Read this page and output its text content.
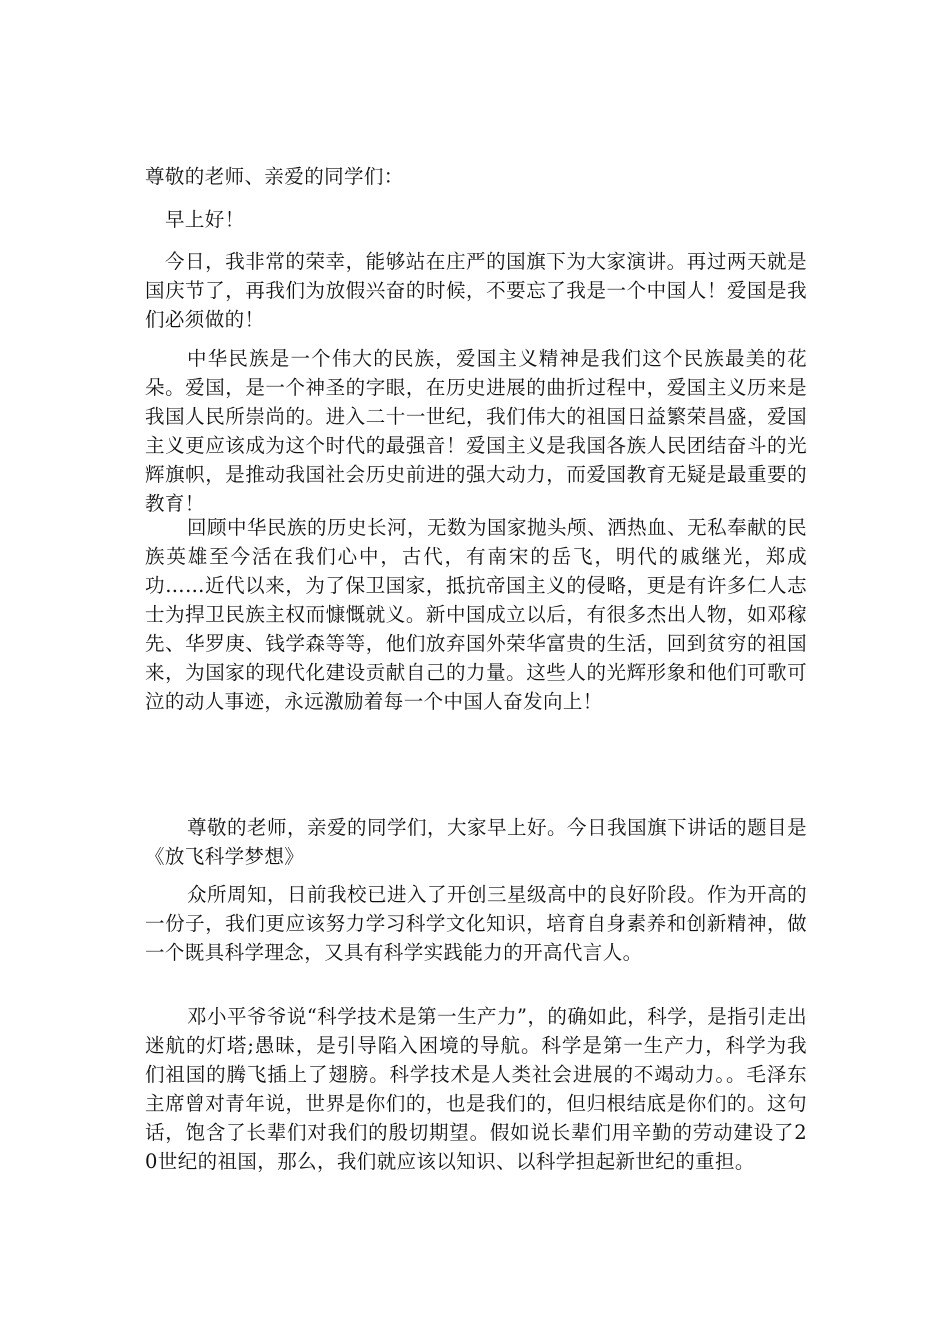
尊敬的老师、亲爱的同学们：

早上好！

今日，我非常的荣幸，能够站在庄严的国旗下为大家演讲。再过两天就是国庆节了，再我们为放假兴奋的时候，不要忘了我是一个中国人！爱国是我们必须做的！

中华民族是一个伟大的民族，爱国主义精神是我们这个民族最美的花朵。爱国，是一个神圣的字眼，在历史进展的曲折过程中，爱国主义历来是我国人民所崇尚的。进入二十一世纪，我们伟大的祖国日益繁荣昌盛，爱国主义更应该成为这个时代的最强音！爱国主义是我国各族人民团结奋斗的光辉旗帜，是推动我国社会历史前进的强大动力，而爱国教育无疑是最重要的教育！

回顾中华民族的历史长河，无数为国家抛头颅、洒热血、无私奉献的民族英雄至今活在我们心中，古代，有南宋的岳飞，明代的戚继光，郑成功……近代以来，为了保卫国家，抵抗帝国主义的侵略，更是有许多仁人志士为捍卫民族主权而慷慨就义。新中国成立以后，有很多杰出人物，如邓稼先、华罗庚、钱学森等等，他们放弃国外荣华富贵的生活，回到贫穷的祖国来，为国家的现代化建设贡献自己的力量。这些人的光辉形象和他们可歌可泣的动人事迹，永远激励着每一个中国人奋发向上！

尊敬的老师，亲爱的同学们，大家早上好。今日我国旗下讲话的题目是《放飞科学梦想》

众所周知，日前我校已进入了开创三星级高中的良好阶段。作为开高的一份子，我们更应该努力学习科学文化知识，培育自身素养和创新精神，做一个既具科学理念，又具有科学实践能力的开高代言人。

邓小平爷爷说“科学技术是第一生产力”，的确如此，科学，是指引走出迷航的灯塔;愚昧，是引导陷入困境的导航。科学是第一生产力，科学为我们祖国的腾飞插上了翅膀。科学技术是人类社会进展的不竭动力。。毛泽东主席曾对青年说，世界是你们的，也是我们的，但归根结底是你们的。这句话，饱含了长辈们对我们的殷切期望。假如说长辈们用辛勤的劳动建设了20世纪的祖国，那么，我们就应该以知识、以科学担起新世纪的重担。
